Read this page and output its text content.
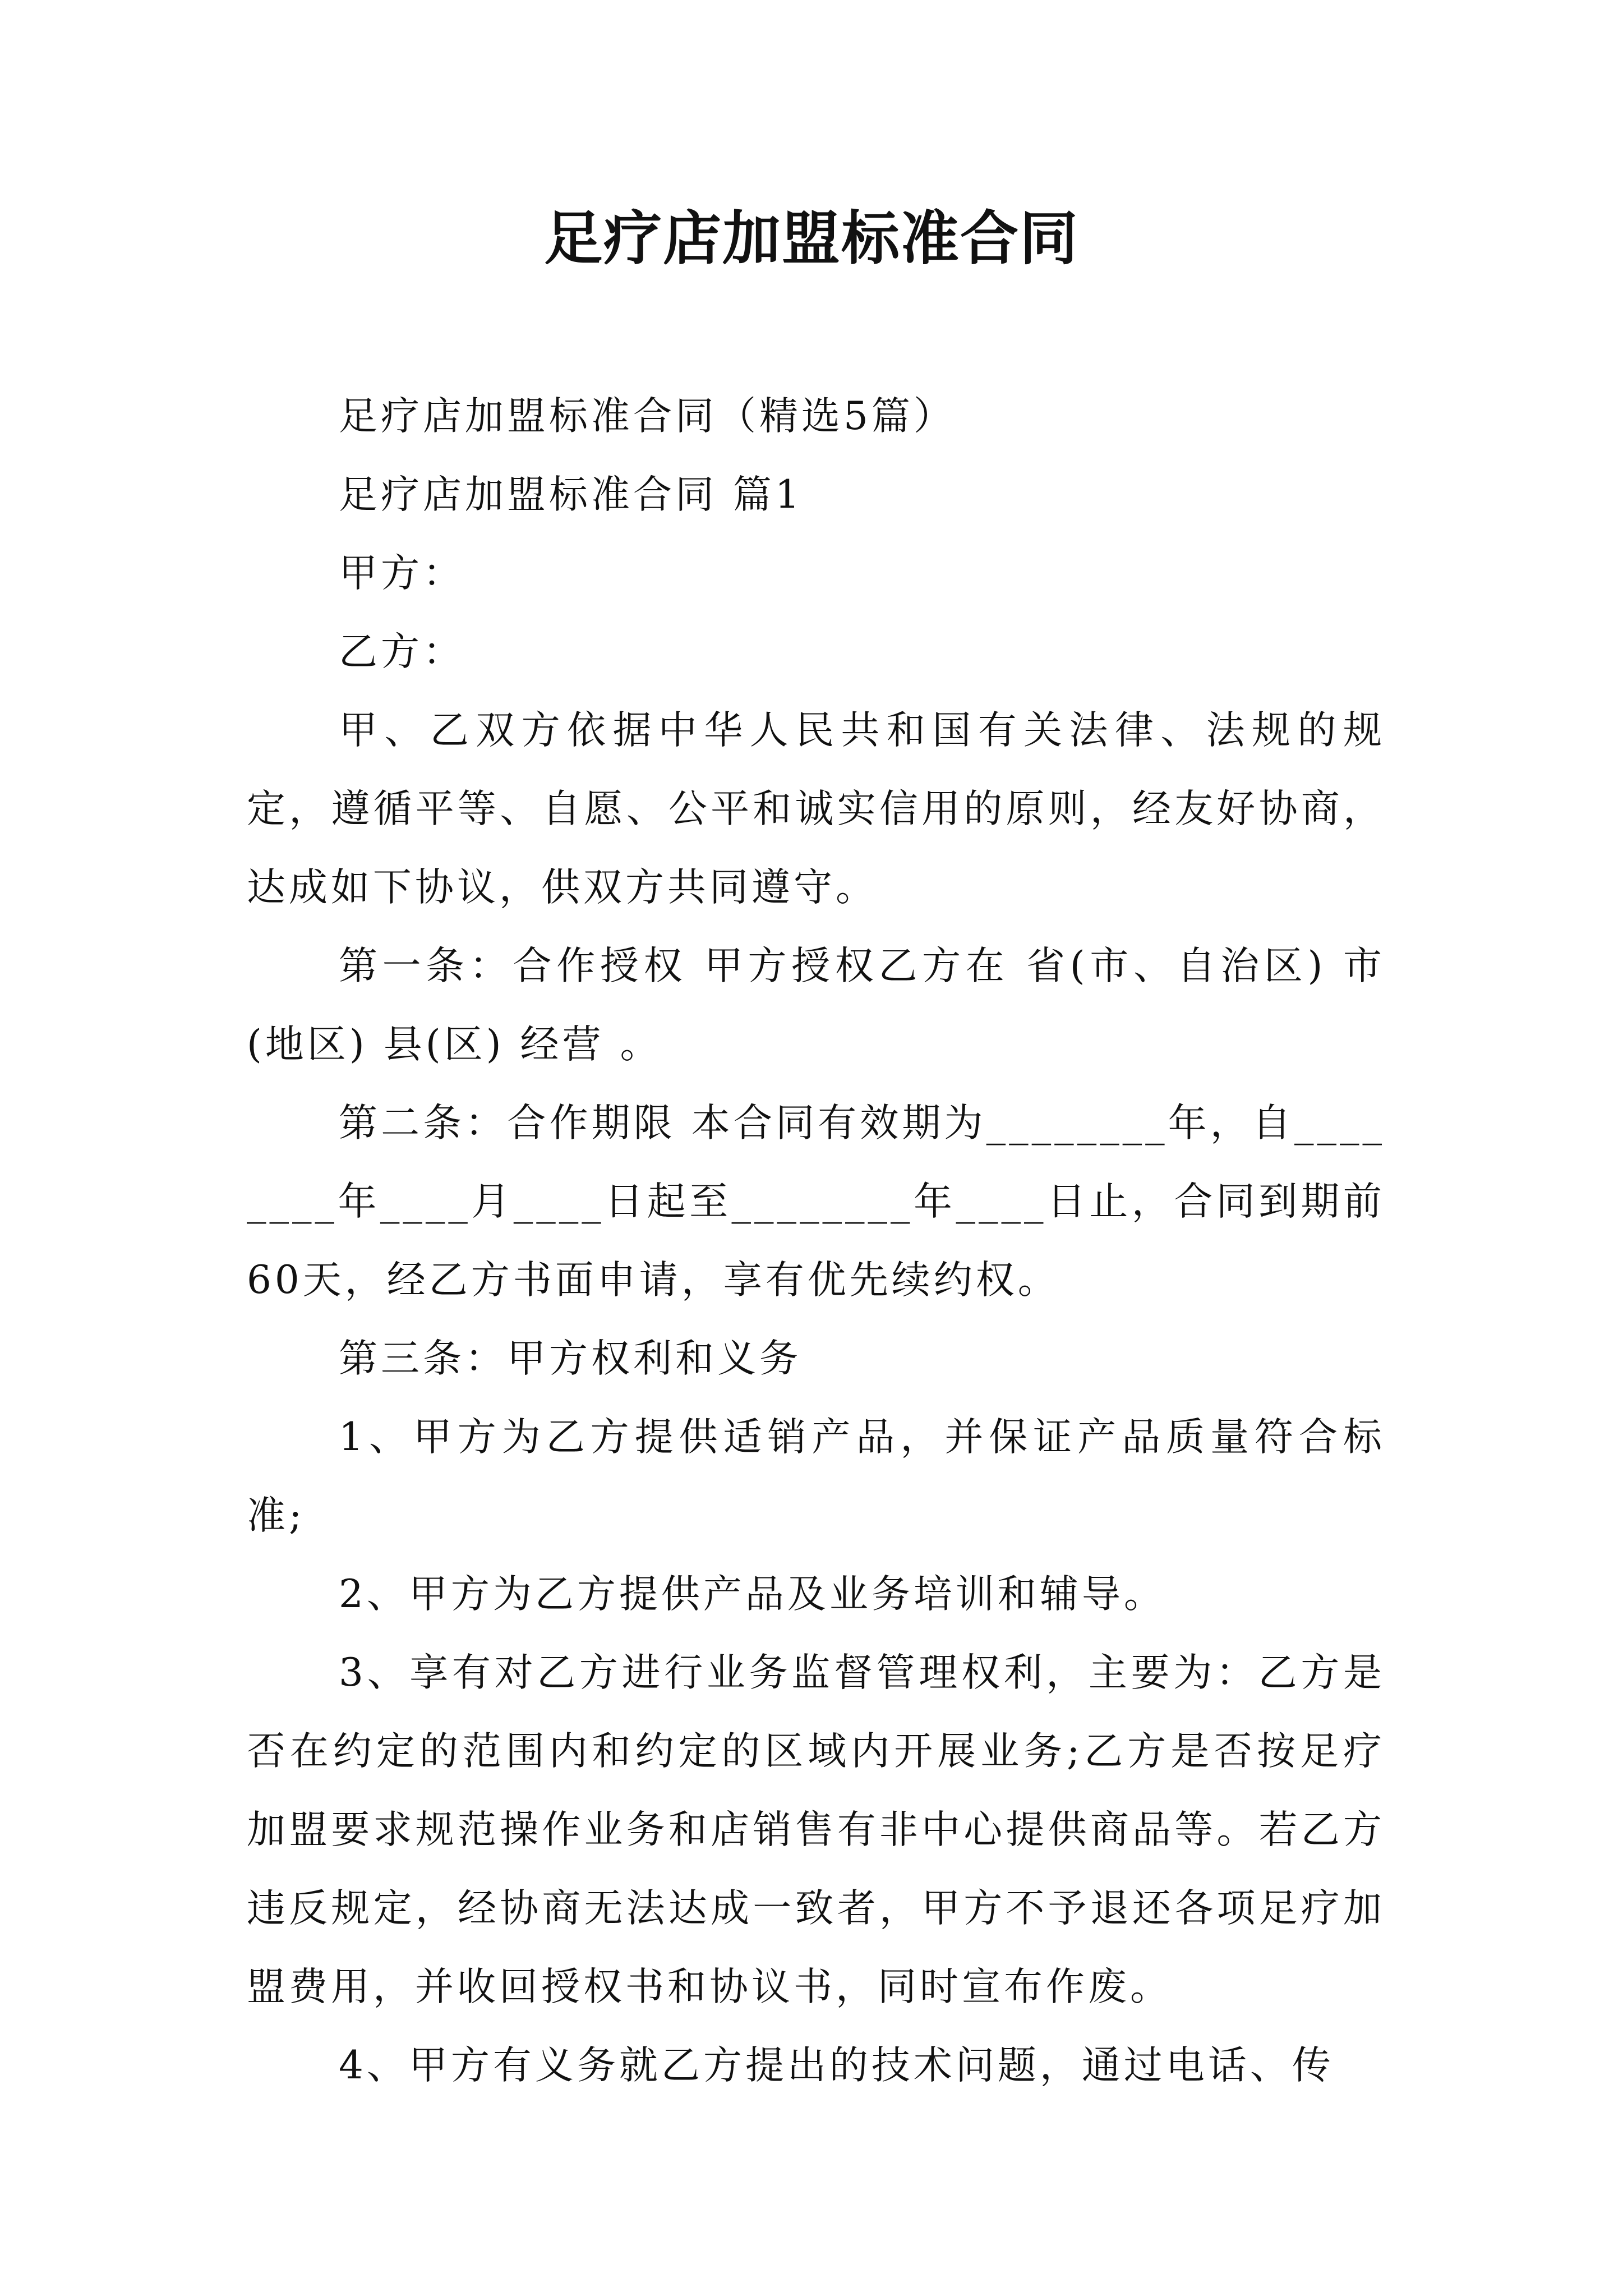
足疗店加盟标准合同

足疗店加盟标准合同（精选5篇）

足疗店加盟标准合同 篇1

甲方：

乙方：

甲、乙双方依据中华人民共和国有关法律、法规的规定，遵循平等、自愿、公平和诚实信用的原则，经友好协商，达成如下协议，供双方共同遵守。

第一条：合作授权 甲方授权乙方在 省(市、自治区) 市(地区) 县(区) 经营 。

第二条：合作期限 本合同有效期为________年，自________年____月____日起至________年____日止，合同到期前60天，经乙方书面申请，享有优先续约权。

第三条：甲方权利和义务

1、甲方为乙方提供适销产品，并保证产品质量符合标准;

2、甲方为乙方提供产品及业务培训和辅导。

3、享有对乙方进行业务监督管理权利，主要为：乙方是否在约定的范围内和约定的区域内开展业务;乙方是否按足疗加盟要求规范操作业务和店销售有非中心提供商品等。若乙方违反规定，经协商无法达成一致者，甲方不予退还各项足疗加盟费用，并收回授权书和协议书，同时宣布作废。

4、甲方有义务就乙方提出的技术问题，通过电话、传
